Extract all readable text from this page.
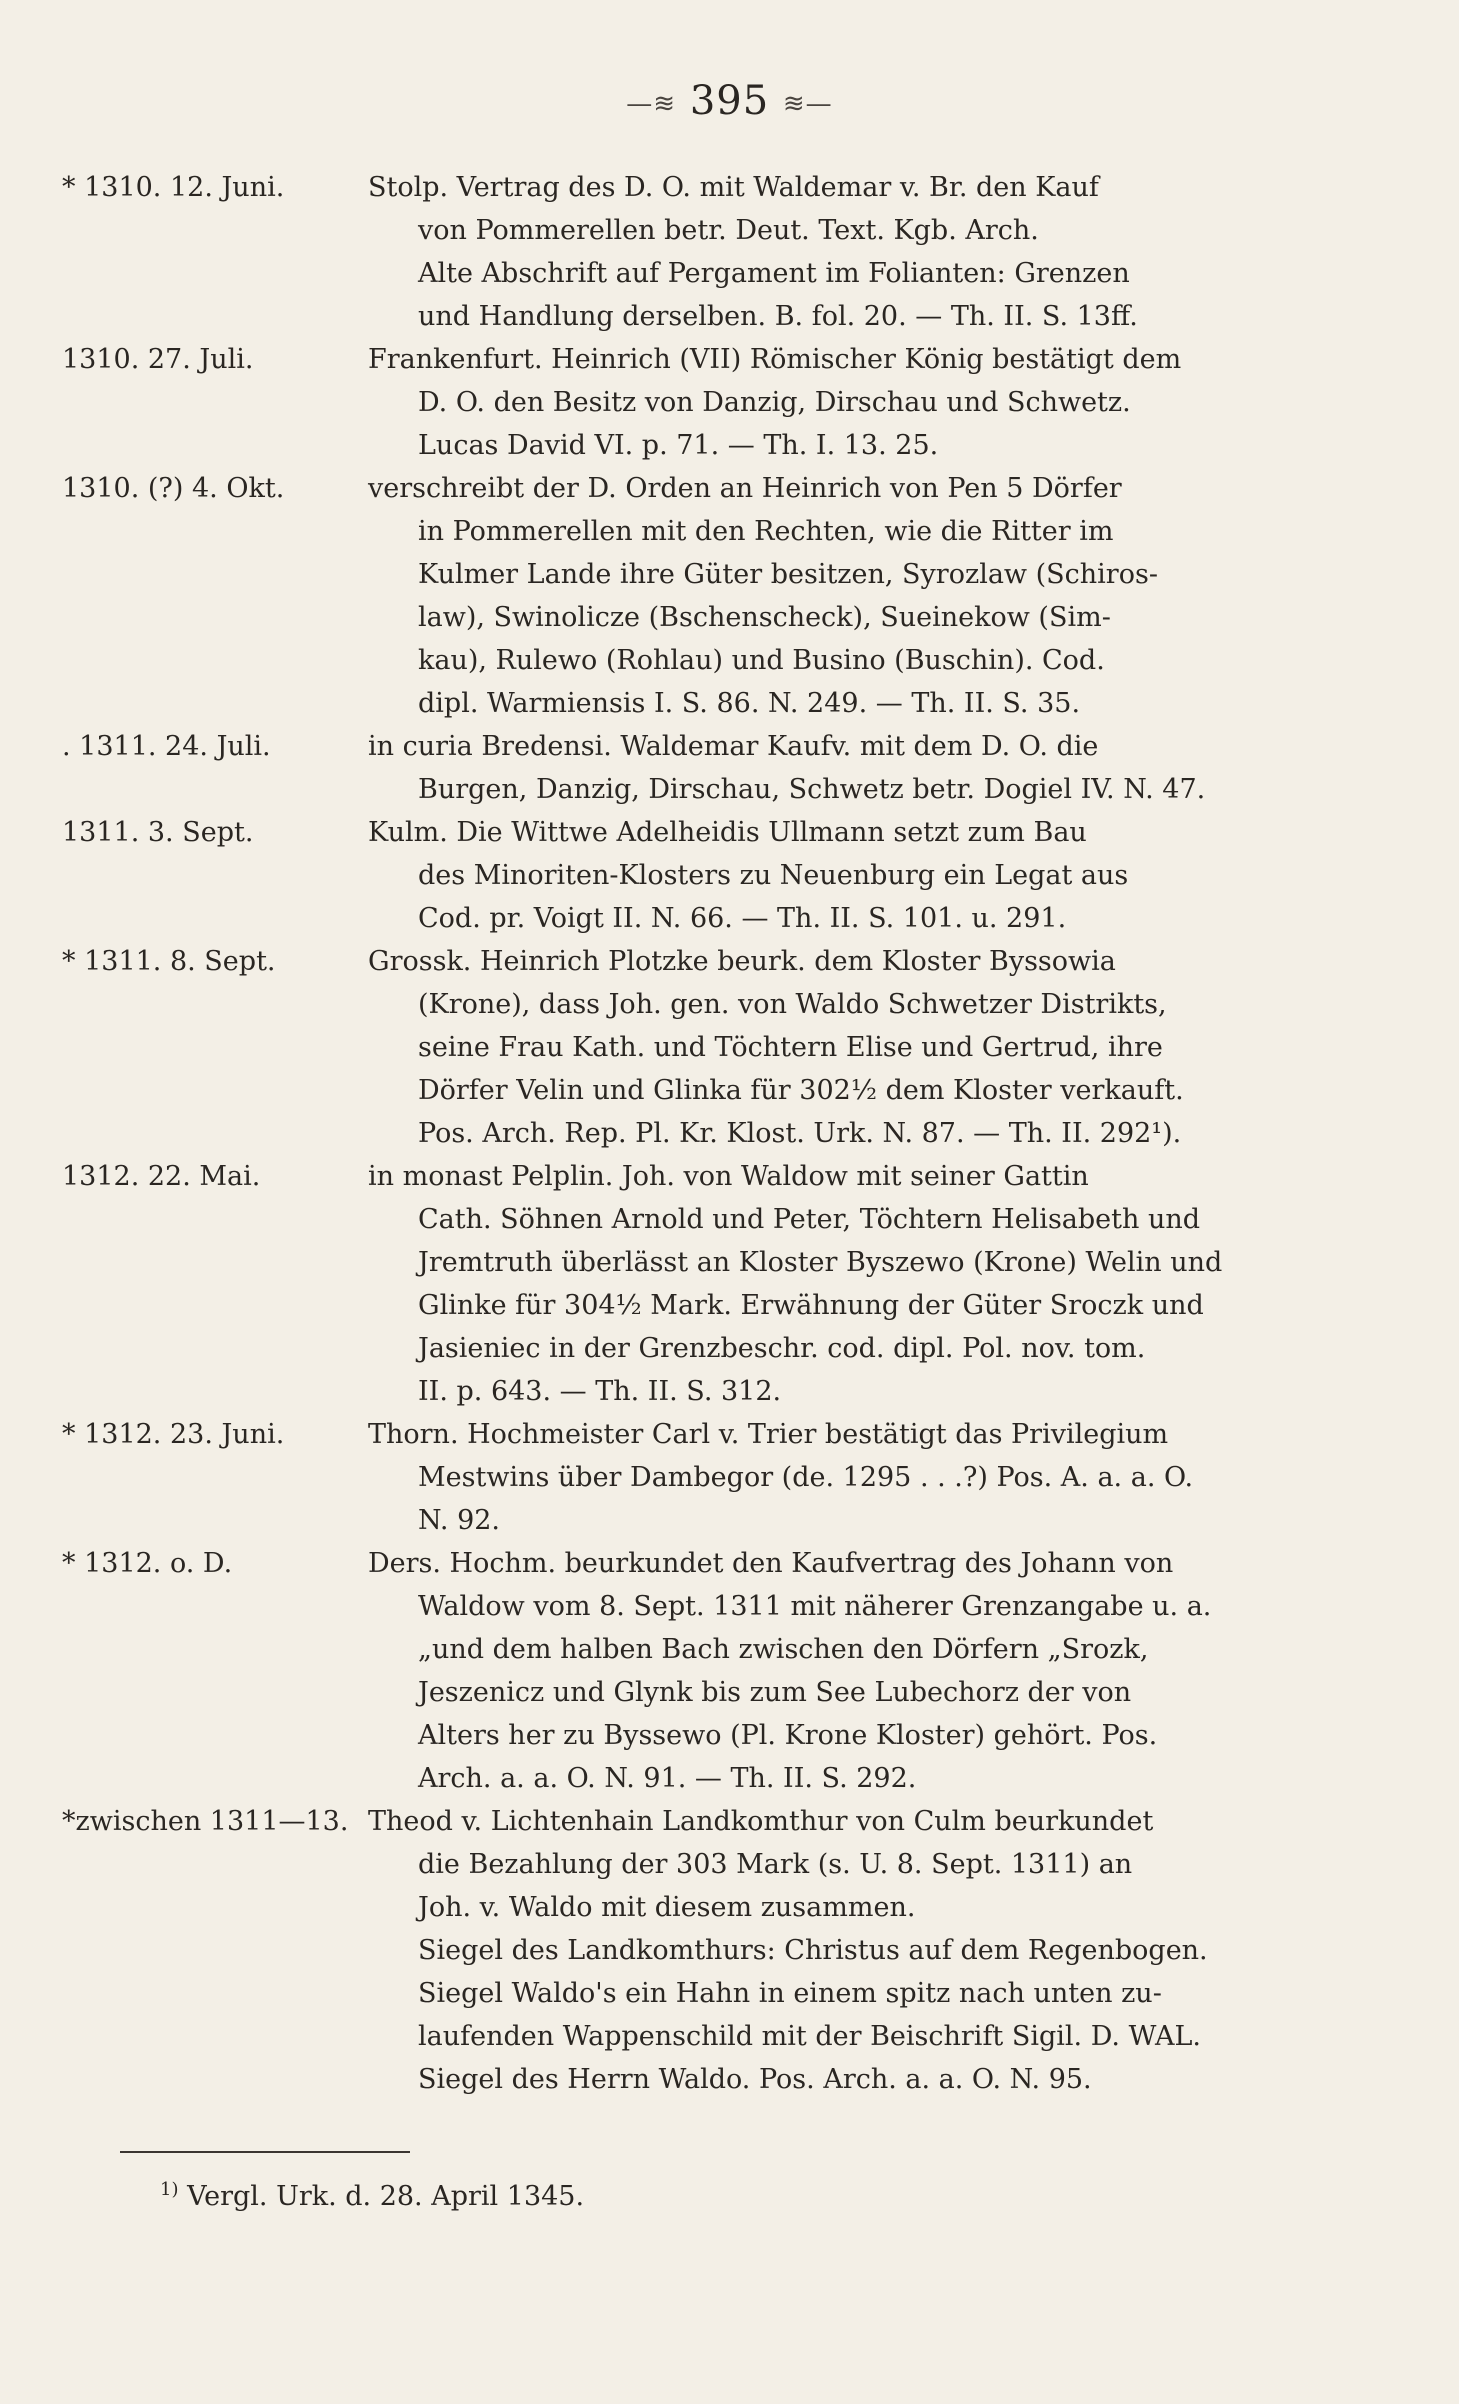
—≋ 395 ≋—
* 1310. 12. Juni.	Stolp. Vertrag des D. O. mit Waldemar v. Br. den Kauf
von Pommerellen betr. Deut. Text. Kgb. Arch.
Alte Abschrift auf Pergament im Folianten: Grenzen
und Handlung derselben. B. fol. 20. — Th. II. S. 13ff.
1310. 27. Juli.	Frankenfurt. Heinrich (VII) Römischer König bestätigt dem
D. O. den Besitz von Danzig, Dirschau und Schwetz.
Lucas David VI. p. 71. — Th. I. 13. 25.
1310. (?) 4. Okt.	verschreibt der D. Orden an Heinrich von Pen 5 Dörfer
in Pommerellen mit den Rechten, wie die Ritter im
Kulmer Lande ihre Güter besitzen, Syrozlaw (Schiros-
law), Swinolicze (Bschenscheck), Sueinekow (Sim-
kau), Rulewo (Rohlau) und Busino (Buschin). Cod.
dipl. Warmiensis I. S. 86. N. 249. — Th. II. S. 35.
. 1311. 24. Juli.	in curia Bredensi. Waldemar Kaufv. mit dem D. O. die
Burgen, Danzig, Dirschau, Schwetz betr. Dogiel IV. N. 47.
1311. 3. Sept.	Kulm. Die Wittwe Adelheidis Ullmann setzt zum Bau
des Minoriten-Klosters zu Neuenburg ein Legat aus
Cod. pr. Voigt II. N. 66. — Th. II. S. 101. u. 291.
* 1311. 8. Sept.	Grossk. Heinrich Plotzke beurk. dem Kloster Byssowia
(Krone), dass Joh. gen. von Waldo Schwetzer Distrikts,
seine Frau Kath. und Töchtern Elise und Gertrud, ihre
Dörfer Velin und Glinka für 302½ dem Kloster verkauft.
Pos. Arch. Rep. Pl. Kr. Klost. Urk. N. 87. — Th. II. 292¹).
1312. 22. Mai.	in monast Pelplin. Joh. von Waldow mit seiner Gattin
Cath. Söhnen Arnold und Peter, Töchtern Helisabeth und
Jremtruth überlässt an Kloster Byszewo (Krone) Welin und
Glinke für 304½ Mark. Erwähnung der Güter Sroczk und
Jasieniec in der Grenzbeschr. cod. dipl. Pol. nov. tom.
II. p. 643. — Th. II. S. 312.
* 1312. 23. Juni.	Thorn. Hochmeister Carl v. Trier bestätigt das Privilegium
Mestwins über Dambegor (de. 1295 . . .?) Pos. A. a. a. O.
N. 92.
* 1312. o. D.	Ders. Hochm. beurkundet den Kaufvertrag des Johann von
Waldow vom 8. Sept. 1311 mit näherer Grenzangabe u. a.
„und dem halben Bach zwischen den Dörfern „Srozk,
Jeszenicz und Glynk bis zum See Lubechorz der von
Alters her zu Byssewo (Pl. Krone Kloster) gehört. Pos.
Arch. a. a. O. N. 91. — Th. II. S. 292.
*zwischen 1311—13. Theod v. Lichtenhain Landkomthur von Culm beurkundet
die Bezahlung der 303 Mark (s. U. 8. Sept. 1311) an
Joh. v. Waldo mit diesem zusammen.
Siegel des Landkomthurs: Christus auf dem Regenbogen.
Siegel Waldo's ein Hahn in einem spitz nach unten zu-
laufenden Wappenschild mit der Beischrift Sigil. D. WAL.
Siegel des Herrn Waldo. Pos. Arch. a. a. O. N. 95.
$^{1)}$ Vergl. Urk. d. 28. April 1345.
